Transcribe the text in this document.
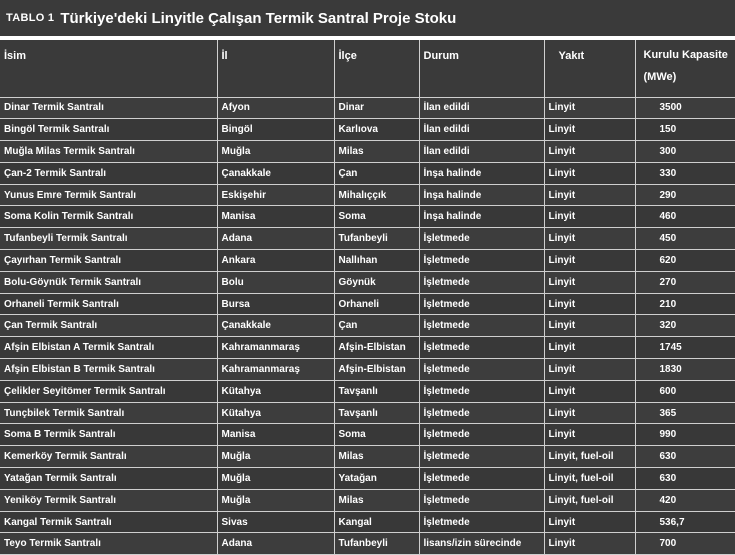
TABLO 1 Türkiye'deki Linyitle Çalışan Termik Santral Proje Stoku
İsim	İl	İlçe	Durum	Yakıt	Kurulu Kapasite
(MWe)

Dinar Termik Santralı	Afyon	Dinar	İlan edildi	Linyit	3500
Bingöl Termik Santralı	Bingöl	Karlıova	İlan edildi	Linyit	150
Muğla Milas Termik Santralı	Muğla	Milas	İlan edildi	Linyit	300
Çan-2 Termik Santralı	Çanakkale	Çan	İnşa halinde	Linyit	330
Yunus Emre Termik Santralı	Eskişehir	Mihalıççık	İnşa halinde	Linyit	290
Soma Kolin Termik Santralı	Manisa	Soma	İnşa halinde	Linyit	460
Tufanbeyli Termik Santralı	Adana	Tufanbeyli	İşletmede	Linyit	450
Çayırhan Termik Santralı	Ankara	Nallıhan	İşletmede	Linyit	620
Bolu-Göynük Termik Santralı	Bolu	Göynük	İşletmede	Linyit	270
Orhaneli Termik Santralı	Bursa	Orhaneli	İşletmede	Linyit	210
Çan Termik Santralı	Çanakkale	Çan	İşletmede	Linyit	320
Afşin Elbistan A Termik Santralı	Kahramanmaraş	Afşin-Elbistan	İşletmede	Linyit	1745
Afşin Elbistan B Termik Santralı	Kahramanmaraş	Afşin-Elbistan	İşletmede	Linyit	1830
Çelikler Seyitömer Termik Santralı	Kütahya	Tavşanlı	İşletmede	Linyit	600
Tunçbilek Termik Santralı	Kütahya	Tavşanlı	İşletmede	Linyit	365
Soma B Termik Santralı	Manisa	Soma	İşletmede	Linyit	990
Kemerköy Termik Santralı	Muğla	Milas	İşletmede	Linyit, fuel-oil	630
Yatağan Termik Santralı	Muğla	Yatağan	İşletmede	Linyit, fuel-oil	630
Yeniköy Termik Santralı	Muğla	Milas	İşletmede	Linyit, fuel-oil	420
Kangal Termik Santralı	Sivas	Kangal	İşletmede	Linyit	536,7
Teyo Termik Santralı	Adana	Tufanbeyli	lisans/izin sürecinde	Linyit	700
